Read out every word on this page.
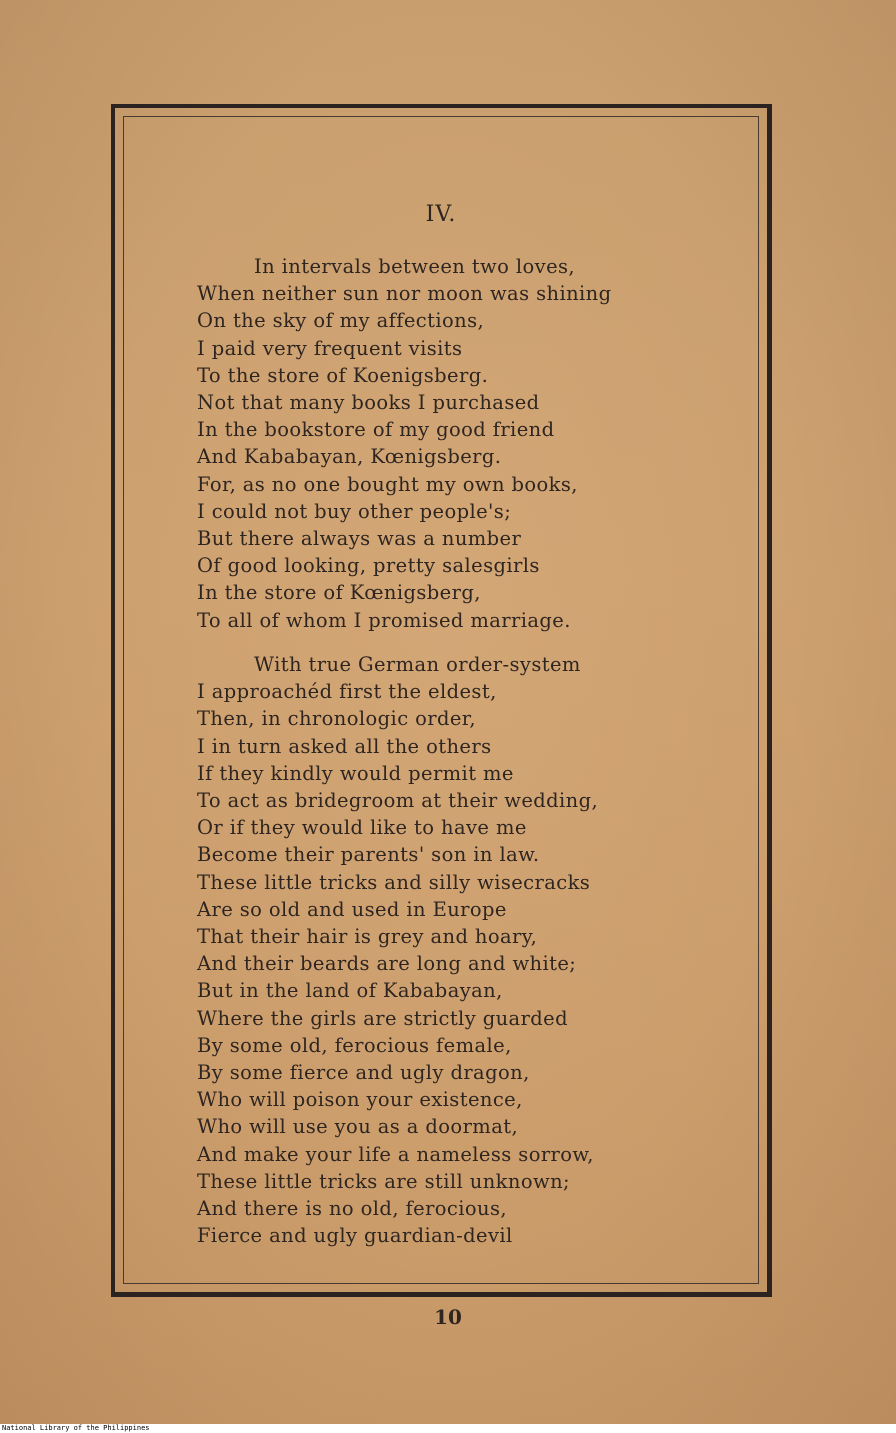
IV.
In intervals between two loves,
When neither sun nor moon was shining
On the sky of my affections,
I paid very frequent visits
To the store of Koenigsberg.
Not that many books I purchased
In the bookstore of my good friend
And Kababayan, Kœnigsberg.
For, as no one bought my own books,
I could not buy other people's;
But there always was a number
Of good looking, pretty salesgirls
In the store of Kœnigsberg,
To all of whom I promised marriage.
With true German order-system
I approachéd first the eldest,
Then, in chronologic order,
I in turn asked all the others
If they kindly would permit me
To act as bridegroom at their wedding,
Or if they would like to have me
Become their parents' son in law.
These little tricks and silly wisecracks
Are so old and used in Europe
That their hair is grey and hoary,
And their beards are long and white;
But in the land of Kababayan,
Where the girls are strictly guarded
By some old, ferocious female,
By some fierce and ugly dragon,
Who will poison your existence,
Who will use you as a doormat,
And make your life a nameless sorrow,
These little tricks are still unknown;
And there is no old, ferocious,
Fierce and ugly guardian-devil
10
National Library of the Philippines
